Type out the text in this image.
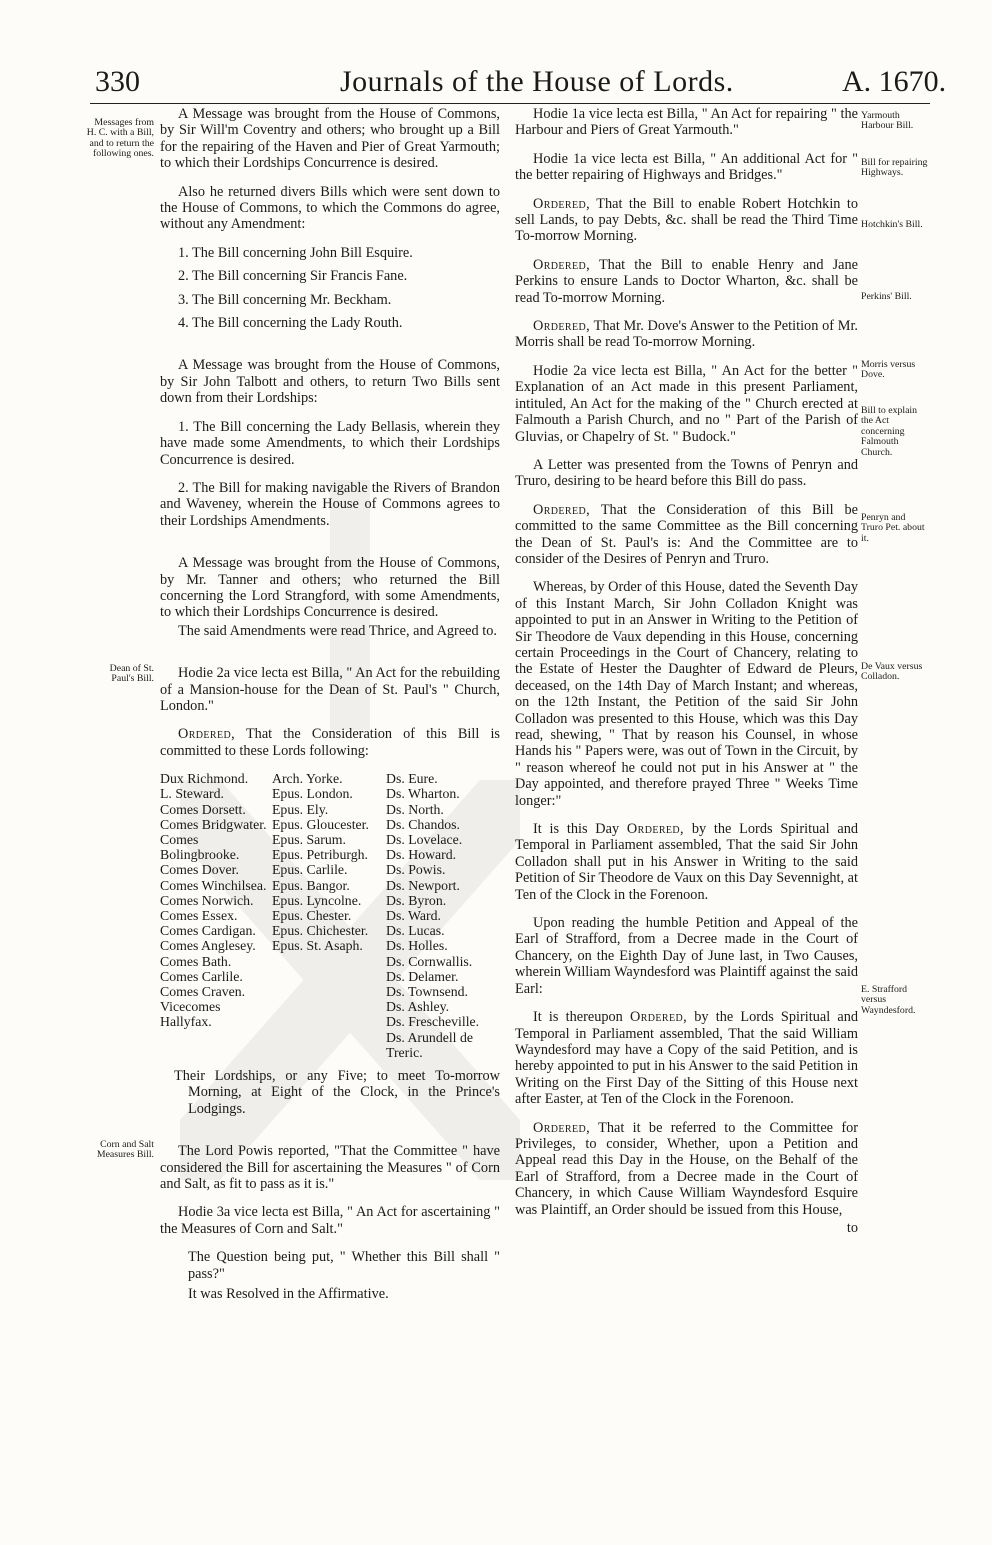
330	Journals of the House of Lords.	A. 1670.

A Message was brought from the House of Commons, by Sir Will'm Coventry and others; who brought up a Bill for the repairing of the Haven and Pier of Great Yarmouth; to which their Lordships Concurrence is desired.

Also he returned divers Bills which were sent down to the House of Commons, to which the Commons do agree, without any Amendment:

1. The Bill concerning John Bill Esquire.

2. The Bill concerning Sir Francis Fane.

3. The Bill concerning Mr. Beckham.

4. The Bill concerning the Lady Routh.

A Message was brought from the House of Commons, by Sir John Talbott and others, to return Two Bills sent down from their Lordships:

1. The Bill concerning the Lady Bellasis, wherein they have made some Amendments, to which their Lordships Concurrence is desired.

2. The Bill for making navigable the Rivers of Brandon and Waveney, wherein the House of Commons agrees to their Lordships Amendments.

A Message was brought from the House of Commons, by Mr. Tanner and others; who returned the Bill concerning the Lord Strangford, with some Amendments, to which their Lordships Concurrence is desired.

The said Amendments were read Thrice, and Agreed to.

Hodie 2a vice lecta est Billa, " An Act for the rebuilding of a Mansion-house for the Dean of St. Paul's " Church, London."

Ordered, That the Consideration of this Bill is committed to these Lords following:

Dux Richmond.
L. Steward.
Comes Dorsett.
Comes Bridgwater.
Comes Bolingbrooke.
Comes Dover.
Comes Winchilsea.
Comes Norwich.
Comes Essex.
Comes Cardigan.
Comes Anglesey.
Comes Bath.
Comes Carlile.
Comes Craven.
Vicecomes Hallyfax.
Arch. Yorke.
Epus. London.
Epus. Ely.
Epus. Gloucester.
Epus. Sarum.
Epus. Petriburgh.
Epus. Carlile.
Epus. Bangor.
Epus. Lyncolne.
Epus. Chester.
Epus. Chichester.
Epus. St. Asaph.
Ds. Eure.
Ds. Wharton.
Ds. North.
Ds. Chandos.
Ds. Lovelace.
Ds. Howard.
Ds. Powis.
Ds. Newport.
Ds. Byron.
Ds. Ward.
Ds. Lucas.
Ds. Holles.
Ds. Cornwallis.
Ds. Delamer.
Ds. Townsend.
Ds. Ashley.
Ds. Frescheville.
Ds. Arundell de Treric.

Their Lordships, or any Five; to meet To-morrow Morning, at Eight of the Clock, in the Prince's Lodgings.

The Lord Powis reported, "That the Committee " have considered the Bill for ascertaining the Measures " of Corn and Salt, as fit to pass as it is."

Hodie 3a vice lecta est Billa, " An Act for ascertaining " the Measures of Corn and Salt."

The Question being put, " Whether this Bill shall " pass?"

It was Resolved in the Affirmative.

Hodie 1a vice lecta est Billa, " An Act for repairing " the Harbour and Piers of Great Yarmouth."

Hodie 1a vice lecta est Billa, " An additional Act for " the better repairing of Highways and Bridges."

Ordered, That the Bill to enable Robert Hotchkin to sell Lands, to pay Debts, &c. shall be read the Third Time To-morrow Morning.

Ordered, That the Bill to enable Henry and Jane Perkins to ensure Lands to Doctor Wharton, &c. shall be read To-morrow Morning.

Ordered, That Mr. Dove's Answer to the Petition of Mr. Morris shall be read To-morrow Morning.

Hodie 2a vice lecta est Billa, " An Act for the better " Explanation of an Act made in this present Parliament, intituled, An Act for the making of the " Church erected at Falmouth a Parish Church, and no " Part of the Parish of Gluvias, or Chapelry of St. " Budock."

A Letter was presented from the Towns of Penryn and Truro, desiring to be heard before this Bill do pass.

Ordered, That the Consideration of this Bill be committed to the same Committee as the Bill concerning the Dean of St. Paul's is: And the Committee are to consider of the Desires of Penryn and Truro.

Whereas, by Order of this House, dated the Seventh Day of this Instant March, Sir John Colladon Knight was appointed to put in an Answer in Writing to the Petition of Sir Theodore de Vaux depending in this House, concerning certain Proceedings in the Court of Chancery, relating to the Estate of Hester the Daughter of Edward de Pleurs, deceased, on the 14th Day of March Instant; and whereas, on the 12th Instant, the Petition of the said Sir John Colladon was presented to this House, which was this Day read, shewing, " That by reason his Counsel, in whose Hands his " Papers were, was out of Town in the Circuit, by " reason whereof he could not put in his Answer at " the Day appointed, and therefore prayed Three " Weeks Time longer:"

It is this Day Ordered, by the Lords Spiritual and Temporal in Parliament assembled, That the said Sir John Colladon shall put in his Answer in Writing to the said Petition of Sir Theodore de Vaux on this Day Sevennight, at Ten of the Clock in the Forenoon.

Upon reading the humble Petition and Appeal of the Earl of Strafford, from a Decree made in the Court of Chancery, on the Eighth Day of June last, in Two Causes, wherein William Wayndesford was Plaintiff against the said Earl:

It is thereupon Ordered, by the Lords Spiritual and Temporal in Parliament assembled, That the said William Wayndesford may have a Copy of the said Petition, and is hereby appointed to put in his Answer to the said Petition in Writing on the First Day of the Sitting of this House next after Easter, at Ten of the Clock in the Forenoon.

Ordered, That it be referred to the Committee for Privileges, to consider, Whether, upon a Petition and Appeal read this Day in the House, on the Behalf of the Earl of Strafford, from a Decree made in the Court of Chancery, in which Cause William Wayndesford Esquire was Plaintiff, an Order should be issued from this House,

to
Messages from H. C. with a Bill, and to return the following ones.
Dean of St. Paul's Bill.
Corn and Salt Measures Bill.
Yarmouth Harbour Bill.
Bill for repairing Highways.
Hotchkin's Bill.
Perkins' Bill.
Morris versus Dove.
Bill to explain the Act concerning Falmouth Church.
Penryn and Truro Pet. about it.
De Vaux versus Colladon.
E. Strafford versus Wayndesford.
